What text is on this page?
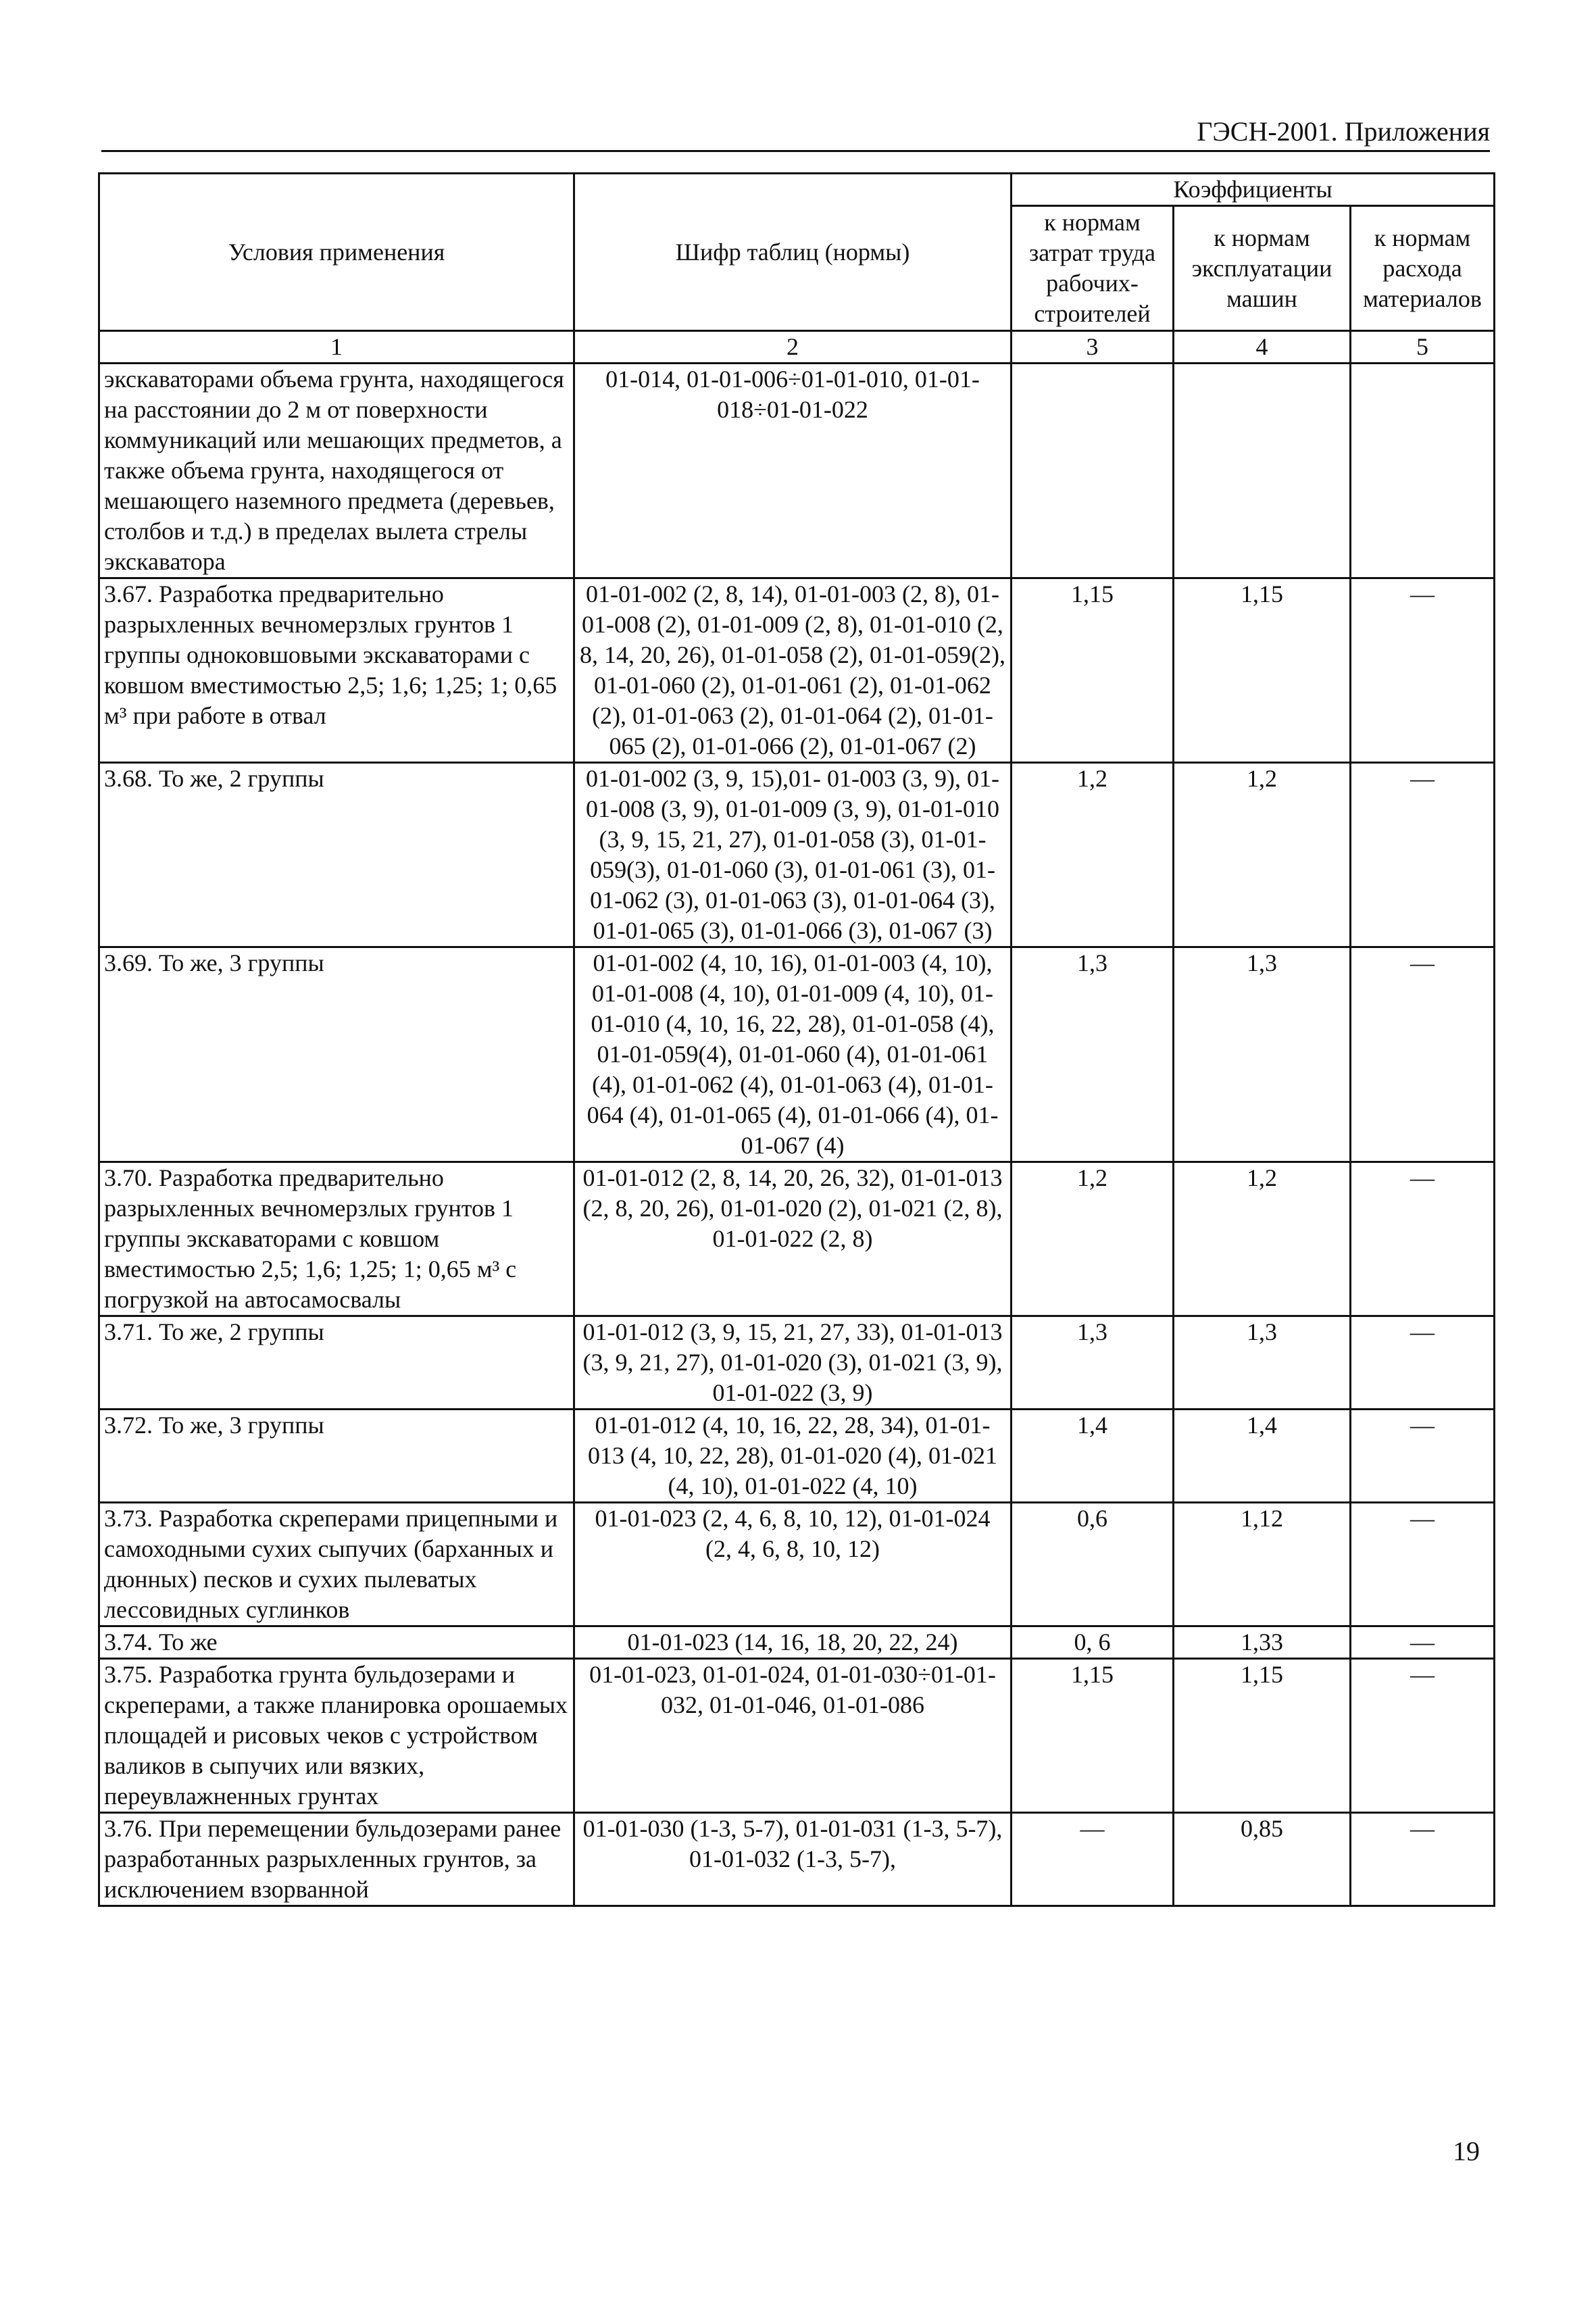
ГЭСН-2001. Приложения
Условия применения	Шифр таблиц (нормы)	Коэффициенты		
		к нормам затрат труда рабочих-строителей	к нормам эксплуатации машин	к нормам расхода материалов
1	2	3	4	5
экскаваторами объема грунта, находящегося на расстоянии до 2 м от поверхности коммуникаций или мешающих предметов, а также объема грунта, находящегося от мешающего наземного предмета (деревьев, столбов и т.д.) в пределах вылета стрелы экскаватора	01-014, 01-01-006÷01-01-010, 01-01-018÷01-01-022			
3.67. Разработка предварительно разрыхленных вечномерзлых грунтов 1 группы одноковшовыми экскаваторами с ковшом вместимостью 2,5; 1,6; 1,25; 1; 0,65 м³ при работе в отвал	01-01-002 (2, 8, 14), 01-01-003 (2, 8), 01-01-008 (2), 01-01-009 (2, 8), 01-01-010 (2, 8, 14, 20, 26), 01-01-058 (2), 01-01-059(2), 01-01-060 (2), 01-01-061 (2), 01-01-062 (2), 01-01-063 (2), 01-01-064 (2), 01-01-065 (2), 01-01-066 (2), 01-01-067 (2)	1,15	1,15	—
3.68. То же, 2 группы	01-01-002 (3, 9, 15),01- 01-003 (3, 9), 01-01-008 (3, 9), 01-01-009 (3, 9), 01-01-010 (3, 9, 15, 21, 27), 01-01-058 (3), 01-01-059(3), 01-01-060 (3), 01-01-061 (3), 01-01-062 (3), 01-01-063 (3), 01-01-064 (3), 01-01-065 (3), 01-01-066 (3), 01-067 (3)	1,2	1,2	—
3.69. То же, 3 группы	01-01-002 (4, 10, 16), 01-01-003 (4, 10), 01-01-008 (4, 10), 01-01-009 (4, 10), 01-01-010 (4, 10, 16, 22, 28), 01-01-058 (4), 01-01-059(4), 01-01-060 (4), 01-01-061 (4), 01-01-062 (4), 01-01-063 (4), 01-01-064 (4), 01-01-065 (4), 01-01-066 (4), 01-01-067 (4)	1,3	1,3	—
3.70. Разработка предварительно разрыхленных вечномерзлых грунтов 1 группы экскаваторами с ковшом вместимостью 2,5; 1,6; 1,25; 1; 0,65 м³ с погрузкой на автосамосвалы	01-01-012 (2, 8, 14, 20, 26, 32), 01-01-013 (2, 8, 20, 26), 01-01-020 (2), 01-021 (2, 8), 01-01-022 (2, 8)	1,2	1,2	—
3.71. То же, 2 группы	01-01-012 (3, 9, 15, 21, 27, 33), 01-01-013 (3, 9, 21, 27), 01-01-020 (3), 01-021 (3, 9), 01-01-022 (3, 9)	1,3	1,3	—
3.72. То же, 3 группы	01-01-012 (4, 10, 16, 22, 28, 34), 01-01-013 (4, 10, 22, 28), 01-01-020 (4), 01-021 (4, 10), 01-01-022 (4, 10)	1,4	1,4	—
3.73. Разработка скреперами прицепными и самоходными сухих сыпучих (барханных и дюнных) песков и сухих пылеватых лессовидных суглинков	01-01-023 (2, 4, 6, 8, 10, 12), 01-01-024 (2, 4, 6, 8, 10, 12)	0,6	1,12	—
3.74. То же	01-01-023 (14, 16, 18, 20, 22, 24)	0, 6	1,33	—
3.75. Разработка грунта бульдозерами и скреперами, а также планировка орошаемых площадей и рисовых чеков с устройством валиков в сыпучих или вязких, переувлажненных грунтах	01-01-023, 01-01-024, 01-01-030÷01-01-032, 01-01-046, 01-01-086	1,15	1,15	—
3.76. При перемещении бульдозерами ранее разработанных разрыхленных грунтов, за исключением взорванной	01-01-030 (1-3, 5-7), 01-01-031 (1-3, 5-7), 01-01-032 (1-3, 5-7),	—	0,85	—
19
